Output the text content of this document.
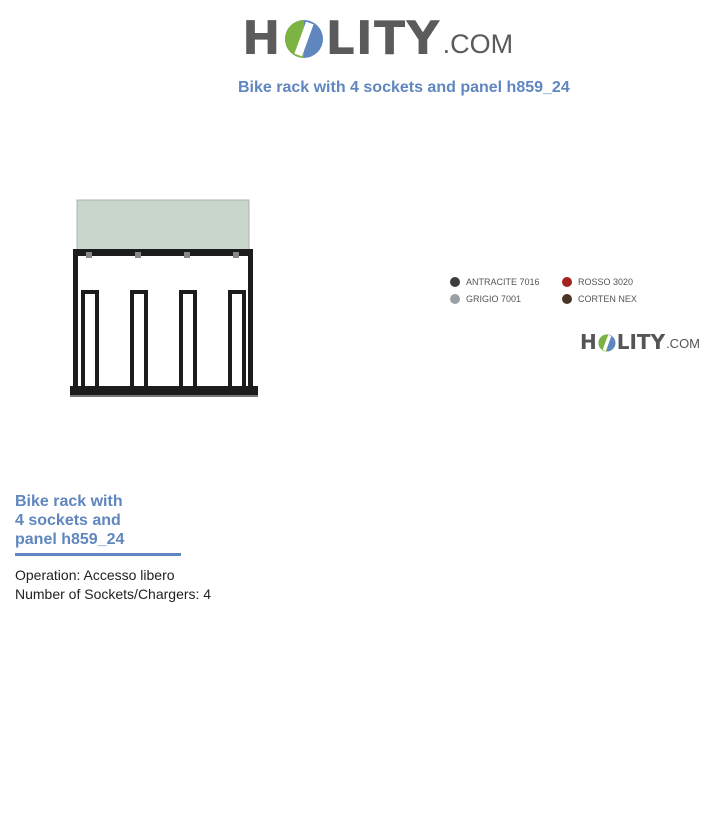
H LITY .COM
Bike rack with 4 sockets and panel h859_24
ANTRACITE 7016	ROSSO 3020
GRIGIO 7001	CORTEN NEX
H LITY .COM
Bike rack with
4 sockets and
panel h859_24
Operation: Accesso libero
Number of Sockets/Chargers: 4
